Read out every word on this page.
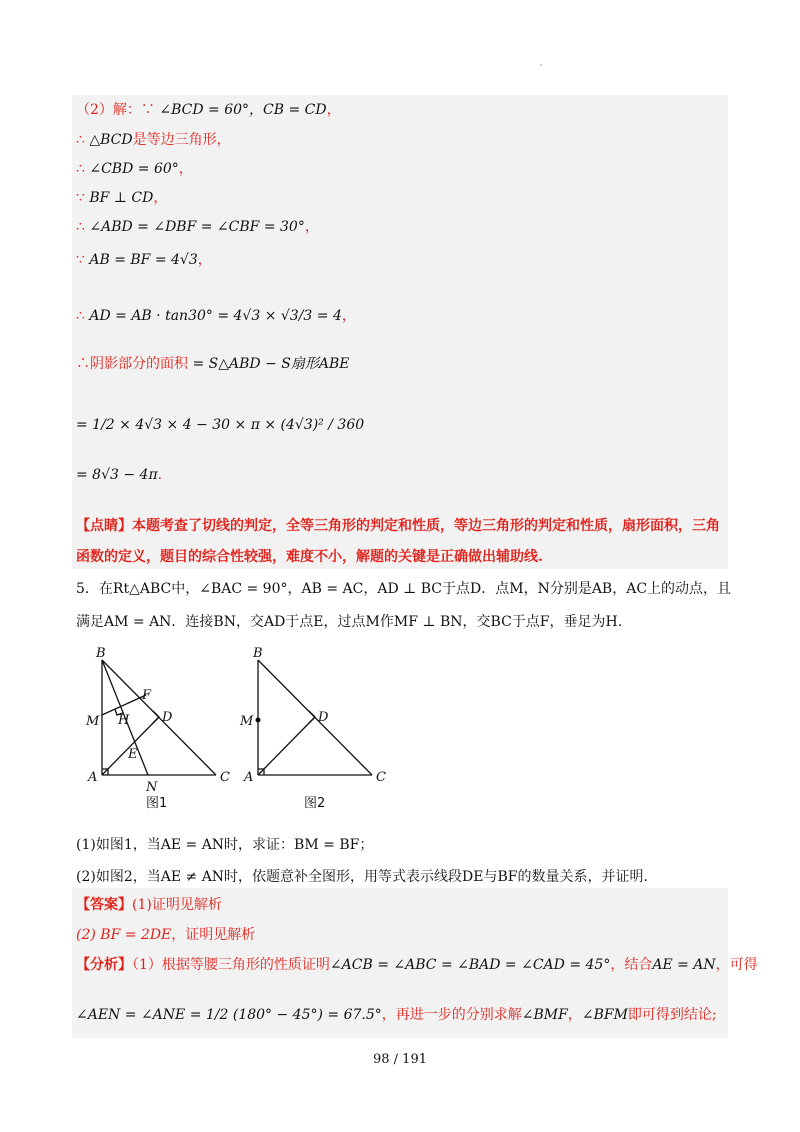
（2）解：∵ ∠BCD = 60°，CB = CD，
∴ △BCD是等边三角形，
∴ ∠CBD = 60°，
∵ BF ⊥ CD，
∴ ∠ABD = ∠DBF = ∠CBF = 30°，
∵ AB = BF = 4√3，
∴ AD = AB · tan30° = 4√3 × √3/3 = 4，
∴阴影部分的面积 = S△ABD − S扇形ABE
= 1/2 × 4√3 × 4 − 30 × π × (4√3)² / 360
= 8√3 − 4π.
【点睛】本题考查了切线的判定，全等三角形的判定和性质，等边三角形的判定和性质，扇形面积，三角
函数的定义，题目的综合性较强，难度不小，解题的关键是正确做出辅助线.
5．在Rt△ABC中，∠BAC = 90°，AB = AC，AD ⊥ BC于点D．点M，N分别是AB，AC上的动点，且
满足AM = AN．连接BN，交AD于点E，过点M作MF ⊥ BN，交BC于点F，垂足为H.
B
F
M H	D
E
A
N
C
B
M	D
A	C
图1	图2
(1)如图1，当AE = AN时，求证：BM = BF；
(2)如图2，当AE ≠ AN时，依题意补全图形，用等式表示线段DE与BF的数量关系，并证明.
【答案】(1)证明见解析
(2) BF = 2DE，证明见解析
【分析】（1）根据等腰三角形的性质证明∠ACB = ∠ABC = ∠BAD = ∠CAD = 45°，结合AE = AN，可得
∠AEN = ∠ANE = 1/2 (180° − 45°) = 67.5°，再进一步的分别求解∠BMF，∠BFM即可得到结论;
98 / 191
